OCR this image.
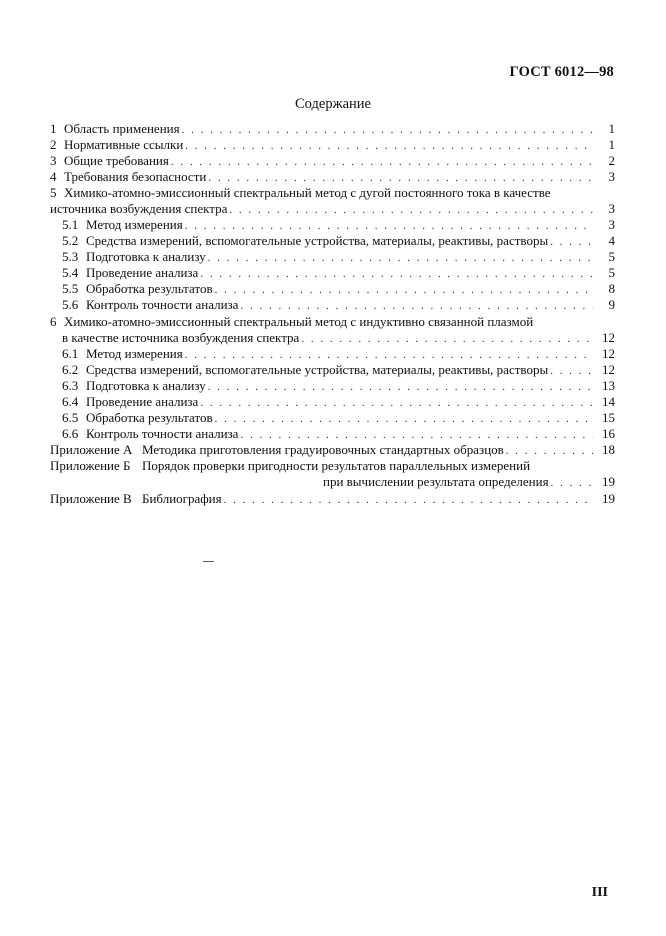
ГОСТ 6012—98
Содержание
1 Область применения . . .	1
2 Нормативные ссылки . . .	1
3 Общие требования . . .	2
4 Требования безопасности . . .	3
5 Химико-атомно-эмиссионный спектральный метод с дугой постоянного тока в качестве
источника возбуждения спектра . . .	3
5.1 Метод измерения . . .	3
5.2 Средства измерений, вспомогательные устройства, материалы, реактивы, растворы . . .	4
5.3 Подготовка к анализу . . .	5
5.4 Проведение анализа . . .	5
5.5 Обработка результатов . . .	8
5.6 Контроль точности анализа . . .	9
6 Химико-атомно-эмиссионный спектральный метод с индуктивно связанной плазмой
в качестве источника возбуждения спектра . . .	12
6.1 Метод измерения . . .	12
6.2 Средства измерений, вспомогательные устройства, материалы, реактивы, растворы . . .	12
6.3 Подготовка к анализу . . .	13
6.4 Проведение анализа . . .	14
6.5 Обработка результатов . . .	15
6.6 Контроль точности анализа . . .	16
Приложение А Методика приготовления градуировочных стандартных образцов . . .	18
Приложение Б Порядок проверки пригодности результатов параллельных измерений
при вычислении результата определения . . .	19
Приложение В Библиография . . .	19
III
